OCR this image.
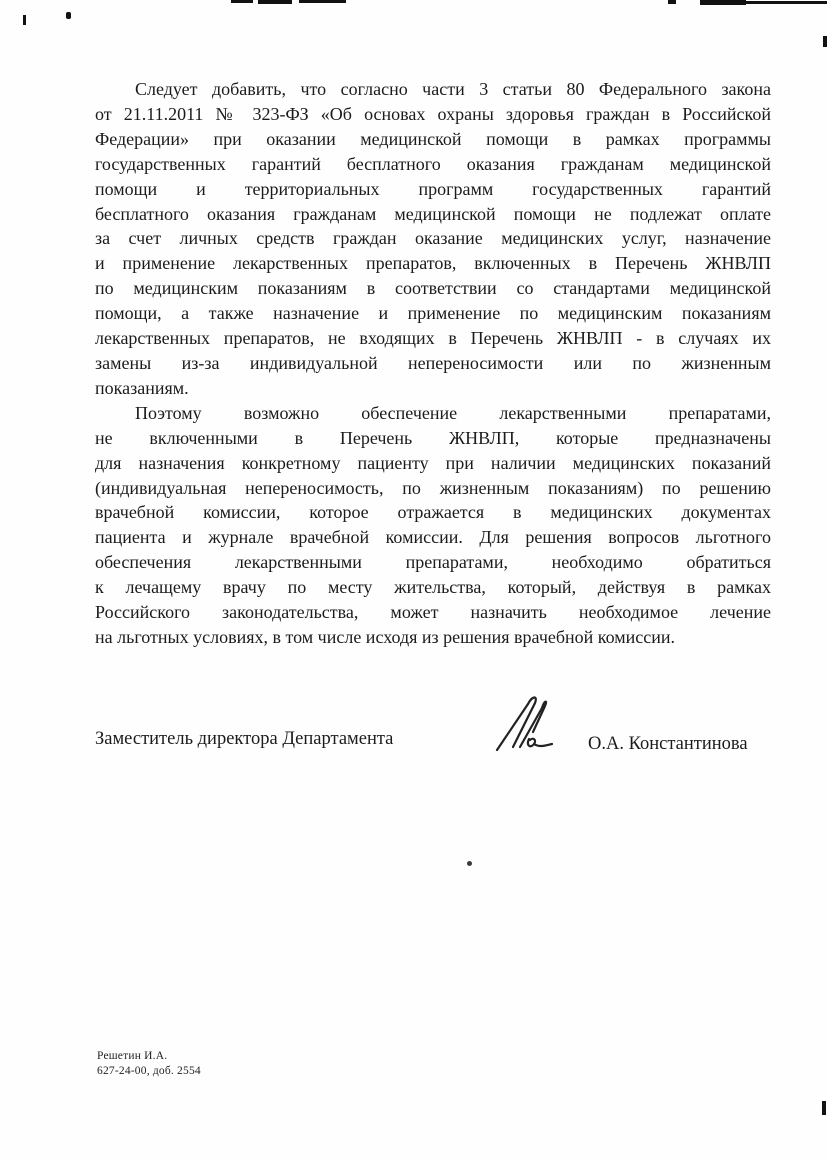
Следует добавить, что согласно части 3 статьи 80 Федерального закона
от 21.11.2011 № 323-ФЗ «Об основах охраны здоровья граждан в Российской
Федерации» при оказании медицинской помощи в рамках программы
государственных гарантий бесплатного оказания гражданам медицинской
помощи и территориальных программ государственных гарантий
бесплатного оказания гражданам медицинской помощи не подлежат оплате
за счет личных средств граждан оказание медицинских услуг, назначение
и применение лекарственных препаратов, включенных в Перечень ЖНВЛП
по медицинским показаниям в соответствии со стандартами медицинской
помощи, а также назначение и применение по медицинским показаниям
лекарственных препаратов, не входящих в Перечень ЖНВЛП - в случаях их
замены из-за индивидуальной непереносимости или по жизненным
показаниям.
Поэтому возможно обеспечение лекарственными препаратами,
не включенными в Перечень ЖНВЛП, которые предназначены
для назначения конкретному пациенту при наличии медицинских показаний
(индивидуальная непереносимость, по жизненным показаниям) по решению
врачебной комиссии, которое отражается в медицинских документах
пациента и журнале врачебной комиссии. Для решения вопросов льготного
обеспечения лекарственными препаратами, необходимо обратиться
к лечащему врачу по месту жительства, который, действуя в рамках
Российского законодательства, может назначить необходимое лечение
на льготных условиях, в том числе исходя из решения врачебной комиссии.
Заместитель директора Департамента	О.А. Константинова
Решетин И.А.
627-24-00, доб. 2554
